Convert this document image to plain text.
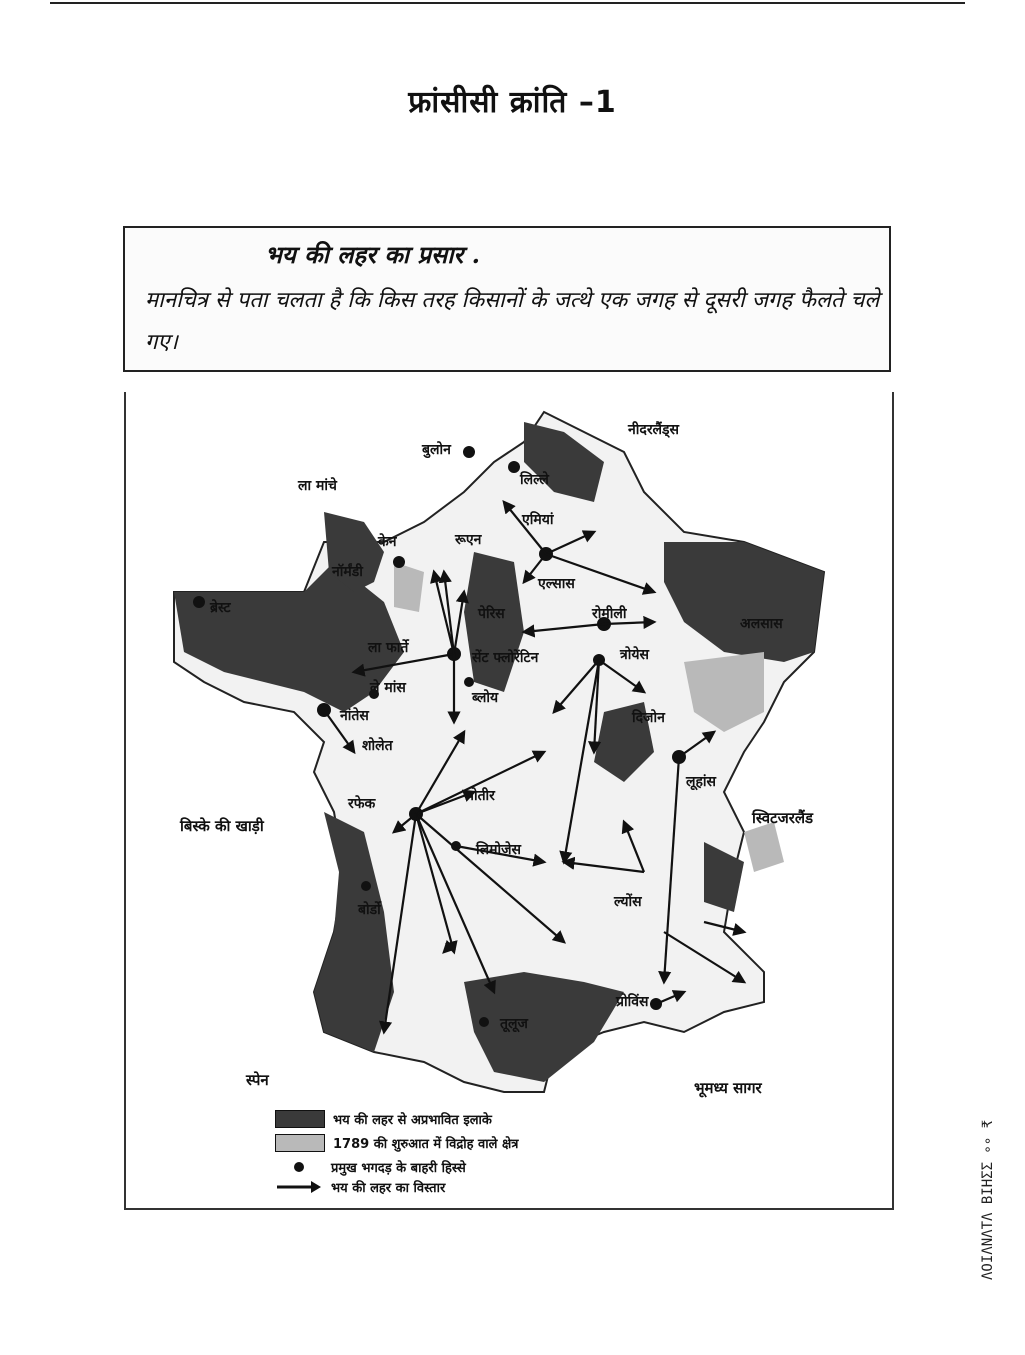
फ्रांसीसी क्रांति –1
भय की लहर का प्रसार .
मानचित्र से पता चलता है कि किस तरह किसानों के जत्थे एक जगह से दूसरी जगह फैलते चले गए।
नीदरलैंड्स
बुलोन
ला मांचे	लिल्ले
एमियां
केन	रूएन
नॉर्मंडी
अलसास
एल्सास
ब्रेस्ट	पेरिस	रोमीली
ला फार्ते
सेंट फ्लोरेंटिन	त्रोयेस
ले मांस
ब्लोय
नांतेस	दिजोन
शोलेत
लूहांस
बिस्के की खाड़ी
रफेक	पोतीर
स्विटजरलैंड
लिमोजेस
ल्योंस
बोर्डो
प्रोविंस
तूलूज
स्पेन	भूमध्य सागर
भय की लहर से अप्रभावित इलाके
1789 की शुरुआत में विद्रोह वाले क्षेत्र
प्रमुख भगदड़ के बाहरी हिस्से
भय की लहर का विस्तार	ΛΟΙΛΝΛΤΛ ΒΙΗΣΣ ∘∘ ₹
